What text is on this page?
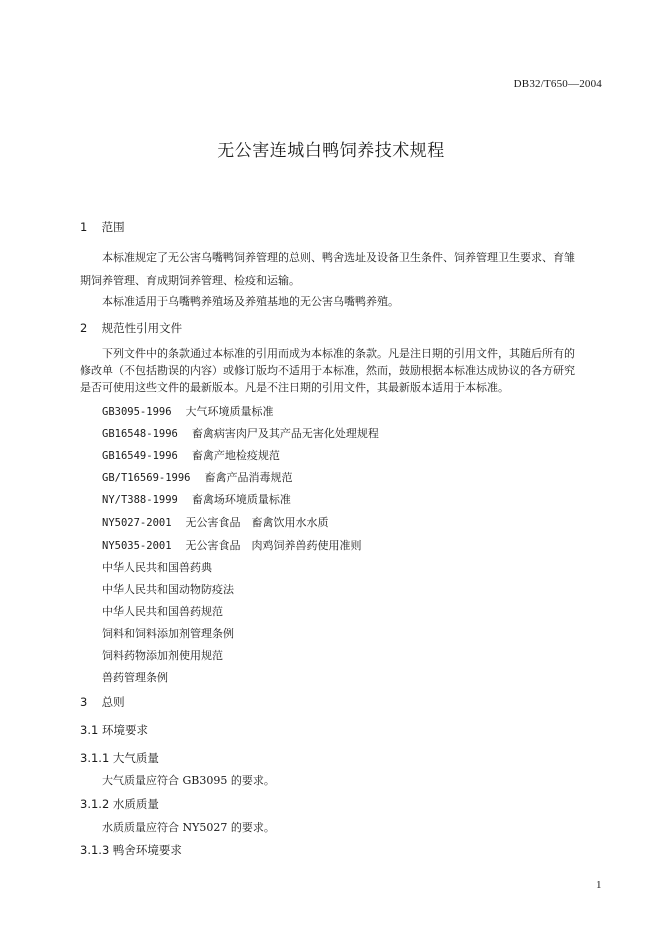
DB32/T650—2004
无公害连城白鸭饲养技术规程
1 范围
本标准规定了无公害乌嘴鸭饲养管理的总则、鸭舍选址及设备卫生条件、饲养管理卫生要求、育雏
期饲养管理、育成期饲养管理、检疫和运输。
本标准适用于乌嘴鸭养殖场及养殖基地的无公害乌嘴鸭养殖。
2 规范性引用文件
下列文件中的条款通过本标准的引用而成为本标准的条款。凡是注日期的引用文件，其随后所有的
修改单（不包括勘误的内容）或修订版均不适用于本标准，然而，鼓励根据本标准达成协议的各方研究
是否可使用这些文件的最新版本。凡是不注日期的引用文件，其最新版本适用于本标准。
GB3095-1996 大气环境质量标准
GB16548-1996 畜禽病害肉尸及其产品无害化处理规程
GB16549-1996 畜禽产地检疫规范
GB/T16569-1996 畜禽产品消毒规范
NY/T388-1999 畜禽场环境质量标准
NY5027-2001 无公害食品　畜禽饮用水水质
NY5035-2001 无公害食品　肉鸡饲养兽药使用准则
中华人民共和国兽药典
中华人民共和国动物防疫法
中华人民共和国兽药规范
饲料和饲料添加剂管理条例
饲料药物添加剂使用规范
兽药管理条例
3 总则
3.1 环境要求
3.1.1 大气质量
大气质量应符合 GB3095 的要求。
3.1.2 水质质量
水质质量应符合 NY5027 的要求。
3.1.3 鸭舍环境要求
1
